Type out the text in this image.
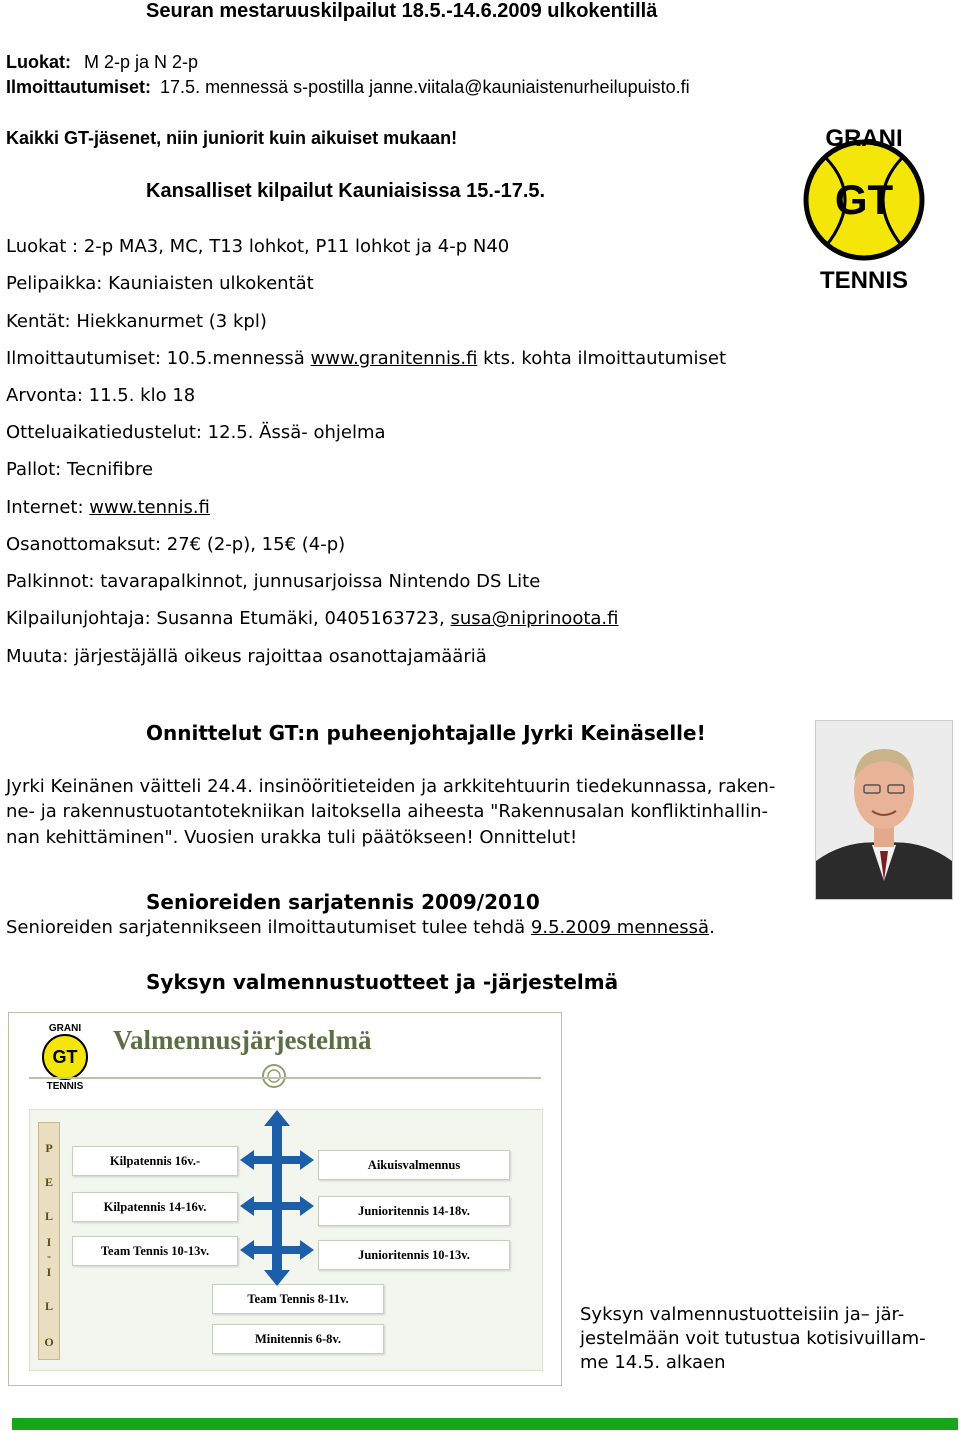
Seuran mestaruuskilpailut 18.5.-14.6.2009 ulkokentillä
Luokat: M 2-p ja N 2-p
Ilmoittautumiset: 17.5. mennessä s-postilla janne.viitala@kauniaistenurheilupuisto.fi
Kaikki GT-jäsenet, niin juniorit kuin aikuiset mukaan!
Kansalliset kilpailut Kauniaisissa 15.-17.5.
Luokat : 2-p MA3, MC, T13 lohkot, P11 lohkot ja 4-p N40
Pelipaikka: Kauniaisten ulkokentät
Kentät: Hiekkanurmet (3 kpl)
Ilmoittautumiset: 10.5.mennessä www.granitennis.fi kts. kohta ilmoittautumiset
Arvonta: 11.5. klo 18
Otteluaikatiedustelut: 12.5. Ässä- ohjelma
Pallot: Tecnifibre
Internet: www.tennis.fi
Osanottomaksut: 27€ (2-p), 15€ (4-p)
Palkinnot: tavarapalkinnot, junnusarjoissa Nintendo DS Lite
Kilpailunjohtaja: Susanna Etumäki, 0405163723, susa@niprinoota.fi
Muuta: järjestäjällä oikeus rajoittaa osanottajamääriä
GRANI
GT
TENNIS
Onnittelut GT:n puheenjohtajalle Jyrki Keinäselle!
Jyrki Keinänen väitteli 24.4. insinööritieteiden ja arkkitehtuurin tiedekunnassa, raken-
ne- ja rakennustuotantotekniikan laitoksella aiheesta "Rakennusalan konfliktinhallin-
nan kehittäminen". Vuosien urakka tuli päätökseen! Onnittelut!
Senioreiden sarjatennis 2009/2010
Senioreiden sarjatennikseen ilmoittautumiset tulee tehdä 9.5.2009 mennessä.
Syksyn valmennustuotteet ja -järjestelmä
GRANI
GT
TENNIS
Valmennusjärjestelmä
P
E
L
I
-
I
L
O
Kilpatennis 16v.-
Kilpatennis 14-16v.
Team Tennis 10-13v.
Aikuisvalmennus
Junioritennis 14-18v.
Junioritennis 10-13v.
Team Tennis 8-11v.
Minitennis 6-8v.
Syksyn valmennustuotteisiin ja– jär-
jestelmään voit tutustua kotisivuillam-
me 14.5. alkaen
